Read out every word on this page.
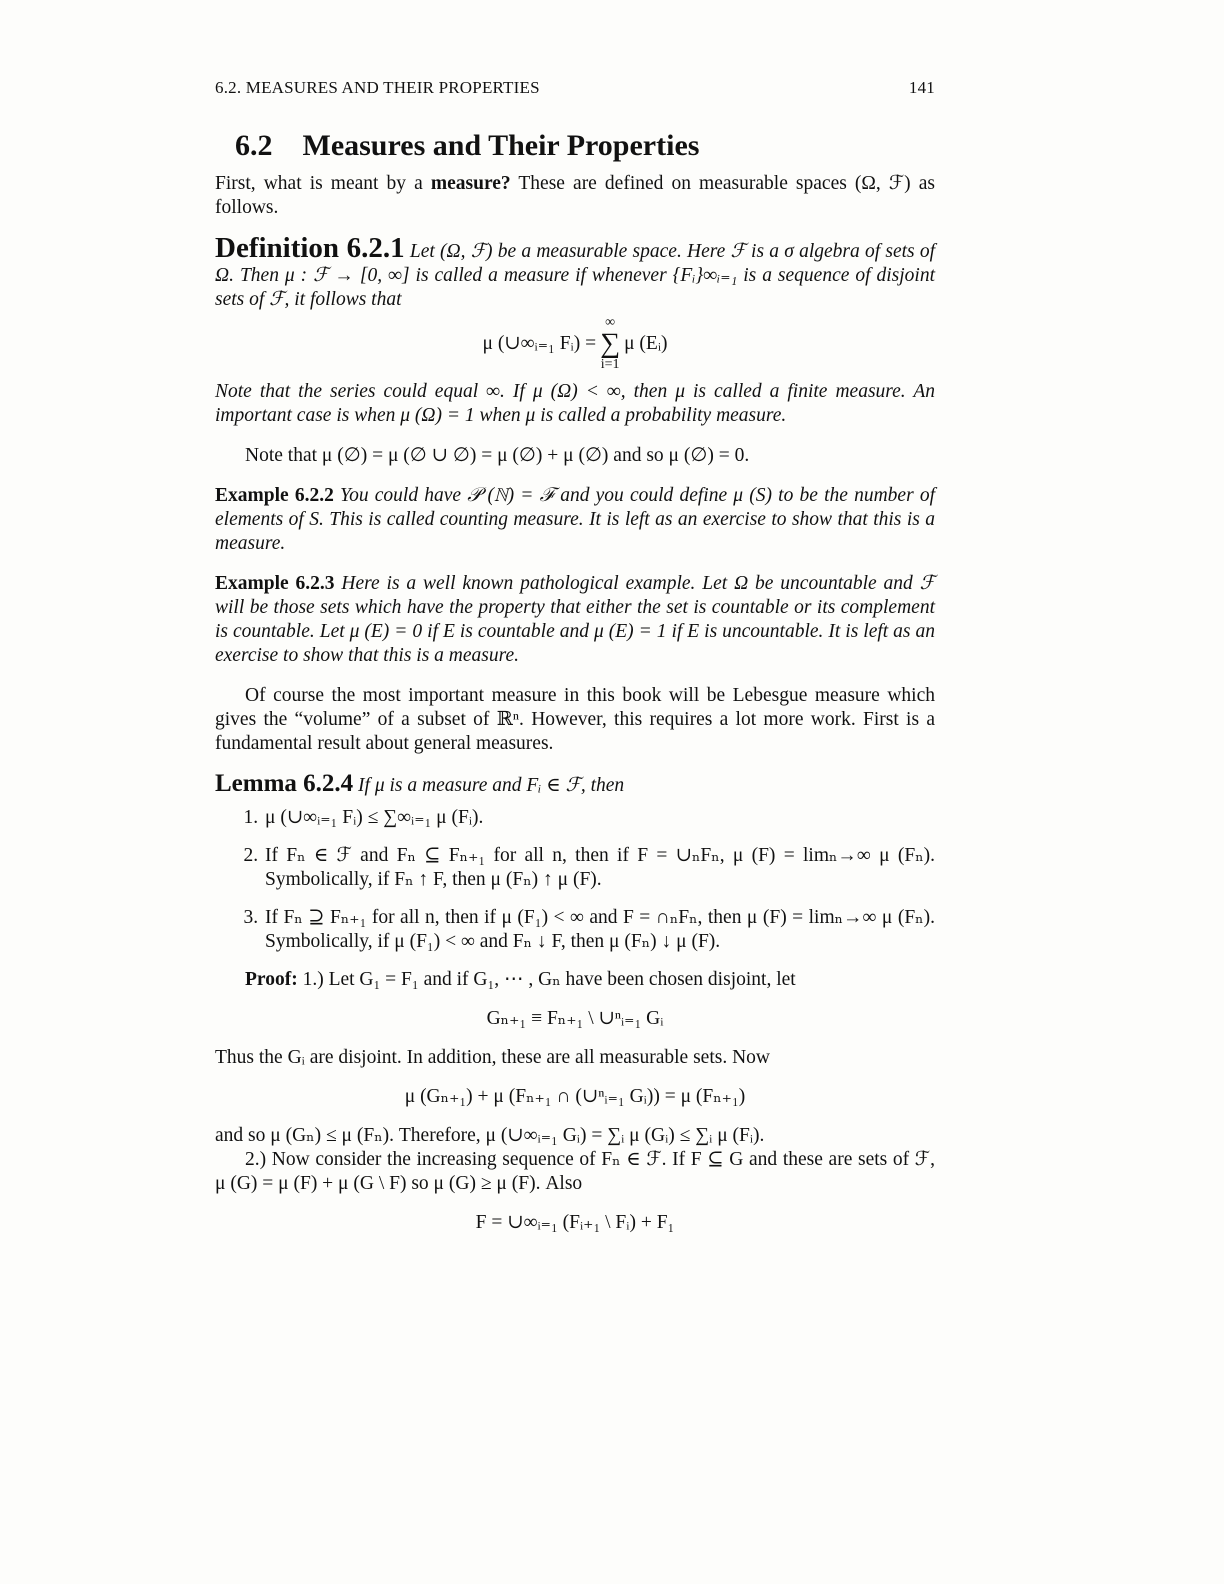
6.2. MEASURES AND THEIR PROPERTIES	141
6.2 Measures and Their Properties

First, what is meant by a measure? These are defined on measurable spaces (Ω, ℱ) as follows.

Definition 6.2.1 Let (Ω, ℱ) be a measurable space. Here ℱ is a σ algebra of sets of Ω. Then μ : ℱ → [0, ∞] is called a measure if whenever {Fᵢ}∞ᵢ₌₁ is a sequence of disjoint sets of ℱ, it follows that

μ (∪∞ᵢ₌₁ Fᵢ) =
∞
∑
i=1
μ (Eᵢ)

Note that the series could equal ∞. If μ (Ω) < ∞, then μ is called a finite measure. An important case is when μ (Ω) = 1 when μ is called a probability measure.

Note that μ (∅) = μ (∅ ∪ ∅) = μ (∅) + μ (∅) and so μ (∅) = 0.

Example 6.2.2 You could have 𝒫 (ℕ) = ℱ and you could define μ (S) to be the number of elements of S. This is called counting measure. It is left as an exercise to show that this is a measure.

Example 6.2.3 Here is a well known pathological example. Let Ω be uncountable and ℱ will be those sets which have the property that either the set is countable or its complement is countable. Let μ (E) = 0 if E is countable and μ (E) = 1 if E is uncountable. It is left as an exercise to show that this is a measure.

Of course the most important measure in this book will be Lebesgue measure which gives the “volume” of a subset of ℝⁿ. However, this requires a lot more work. First is a fundamental result about general measures.

Lemma 6.2.4 If μ is a measure and Fᵢ ∈ ℱ, then

1. μ (∪∞ᵢ₌₁ Fᵢ) ≤ ∑∞ᵢ₌₁ μ (Fᵢ).
2. If Fₙ ∈ ℱ and Fₙ ⊆ Fₙ₊₁ for all n, then if F = ∪ₙFₙ, μ (F) = limₙ→∞ μ (Fₙ). Symbolically, if Fₙ ↑ F, then μ (Fₙ) ↑ μ (F).
3. If Fₙ ⊇ Fₙ₊₁ for all n, then if μ (F₁) < ∞ and F = ∩ₙFₙ, then μ (F) = limₙ→∞ μ (Fₙ). Symbolically, if μ (F₁) < ∞ and Fₙ ↓ F, then μ (Fₙ) ↓ μ (F).

Proof: 1.) Let G₁ = F₁ and if G₁, ⋯ , Gₙ have been chosen disjoint, let

Gₙ₊₁ ≡ Fₙ₊₁ \ ∪ⁿᵢ₌₁ Gᵢ

Thus the Gᵢ are disjoint. In addition, these are all measurable sets. Now

μ (Gₙ₊₁) + μ (Fₙ₊₁ ∩ (∪ⁿᵢ₌₁ Gᵢ)) = μ (Fₙ₊₁)

and so μ (Gₙ) ≤ μ (Fₙ). Therefore, μ (∪∞ᵢ₌₁ Gᵢ) = ∑ᵢ μ (Gᵢ) ≤ ∑ᵢ μ (Fᵢ).

2.) Now consider the increasing sequence of Fₙ ∈ ℱ. If F ⊆ G and these are sets of ℱ, μ (G) = μ (F) + μ (G \ F) so μ (G) ≥ μ (F). Also

F = ∪∞ᵢ₌₁ (Fᵢ₊₁ \ Fᵢ) + F₁
